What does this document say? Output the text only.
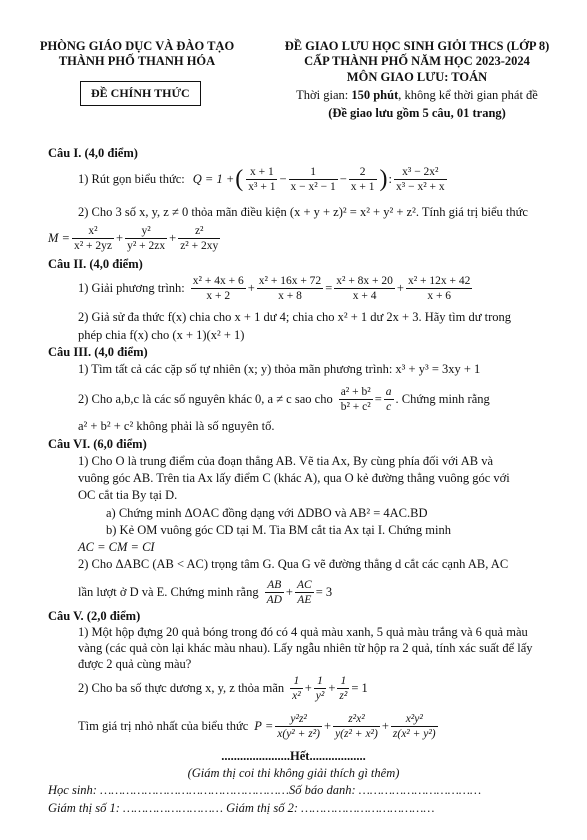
PHÒNG GIÁO DỤC VÀ ĐÀO TẠO
THÀNH PHỐ THANH HÓA
ĐỀ CHÍNH THỨC
ĐỀ GIAO LƯU HỌC SINH GIỎI THCS (LỚP 8)
CẤP THÀNH PHỐ NĂM HỌC 2023-2024
MÔN GIAO LƯU: TOÁN
Thời gian: 150 phút, không kể thời gian phát đề
(Đề giao lưu gồm 5 câu, 01 trang)
Câu I. (4,0 điểm)
1) Rút gọn biểu thức: Q = 1 + ( $\frac{x + 1}{\text{x³ + 1}} - \frac{1}{\text{x − x² − 1}} - \frac{2}{x + 1}$ ) : $\frac{\text{x³ − 2x²}}{\text{x³ − x² + x}}$
2) Cho 3 số x, y, z ≠ 0 thỏa mãn điều kiện (x + y + z)² = x² + y² + z². Tính giá trị biểu thức
$M = \frac{\text{x²}}{\text{x² + 2yz}} + \frac{\text{y²}}{\text{y² + 2zx}} + \frac{\text{z²}}{\text{z² + 2xy}}$
Câu II. (4,0 điểm)
1) Giải phương trình: $\frac{\text{x² + 4x + 6}}{x + 2} + \frac{\text{x² + 16x + 72}}{x + 8} = \frac{\text{x² + 8x + 20}}{x + 4} + \frac{\text{x² + 12x + 42}}{x + 6}$
2) Giả sử đa thức f(x) chia cho x + 1 dư 4; chia cho x² + 1 dư 2x + 3. Hãy tìm dư trong
phép chia f(x) cho (x + 1)(x² + 1)
Câu III. (4,0 điểm)
1) Tìm tất cả các cặp số tự nhiên (x; y) thỏa mãn phương trình: x³ + y³ = 3xy + 1
2) Cho a,b,c là các số nguyên khác 0, a ≠ c sao cho $\frac{\text{a² + b²}}{\text{b² + c²}} = \frac{a}{c}$ . Chứng minh rằng
a² + b² + c² không phải là số nguyên tố.
Câu VI. (6,0 điểm)
1) Cho O là trung điểm của đoạn thẳng AB. Vẽ tia Ax, By cùng phía đối với AB và
vuông góc AB. Trên tia Ax lấy điểm C (khác A), qua O kẻ đường thẳng vuông góc với
OC cắt tia By tại D.
a) Chứng minh ΔOAC đồng dạng với ΔDBO và AB² = 4AC.BD
b) Kẻ OM vuông góc CD tại M. Tia BM cắt tia Ax tại I. Chứng minh
AC = CM = CI
2) Cho ΔABC (AB < AC) trọng tâm G. Qua G vẽ đường thẳng d cắt các cạnh AB, AC
lần lượt ở D và E. Chứng minh rằng $\frac{AB}{AD} + \frac{AC}{AE} = 3$
Câu V. (2,0 điểm)
1) Một hộp đựng 20 quả bóng trong đó có 4 quả màu xanh, 5 quả màu trắng và 6 quả màu
vàng (các quả còn lại khác màu nhau). Lấy ngẫu nhiên từ hộp ra 2 quả, tính xác suất để lấy
được 2 quả cùng màu?
2) Cho ba số thực dương x, y, z thỏa mãn $\frac{1}{\text{x²}} + \frac{1}{\text{y²}} + \frac{1}{\text{z²}} = 1$
Tìm giá trị nhỏ nhất của biểu thức $P = \frac{\text{y²z²}}{\text{x(y² + z²)}} + \frac{\text{z²x²}}{\text{y(z² + x²)}} + \frac{\text{x²y²}}{\text{z(x² + y²)}}$
......................Hết..................
(Giám thị coi thi không giải thích gì thêm)
Học sinh: ……………………………………………Số báo danh: ……………………………
Giám thị số 1: ……………………… Giám thị số 2: ………………………………
